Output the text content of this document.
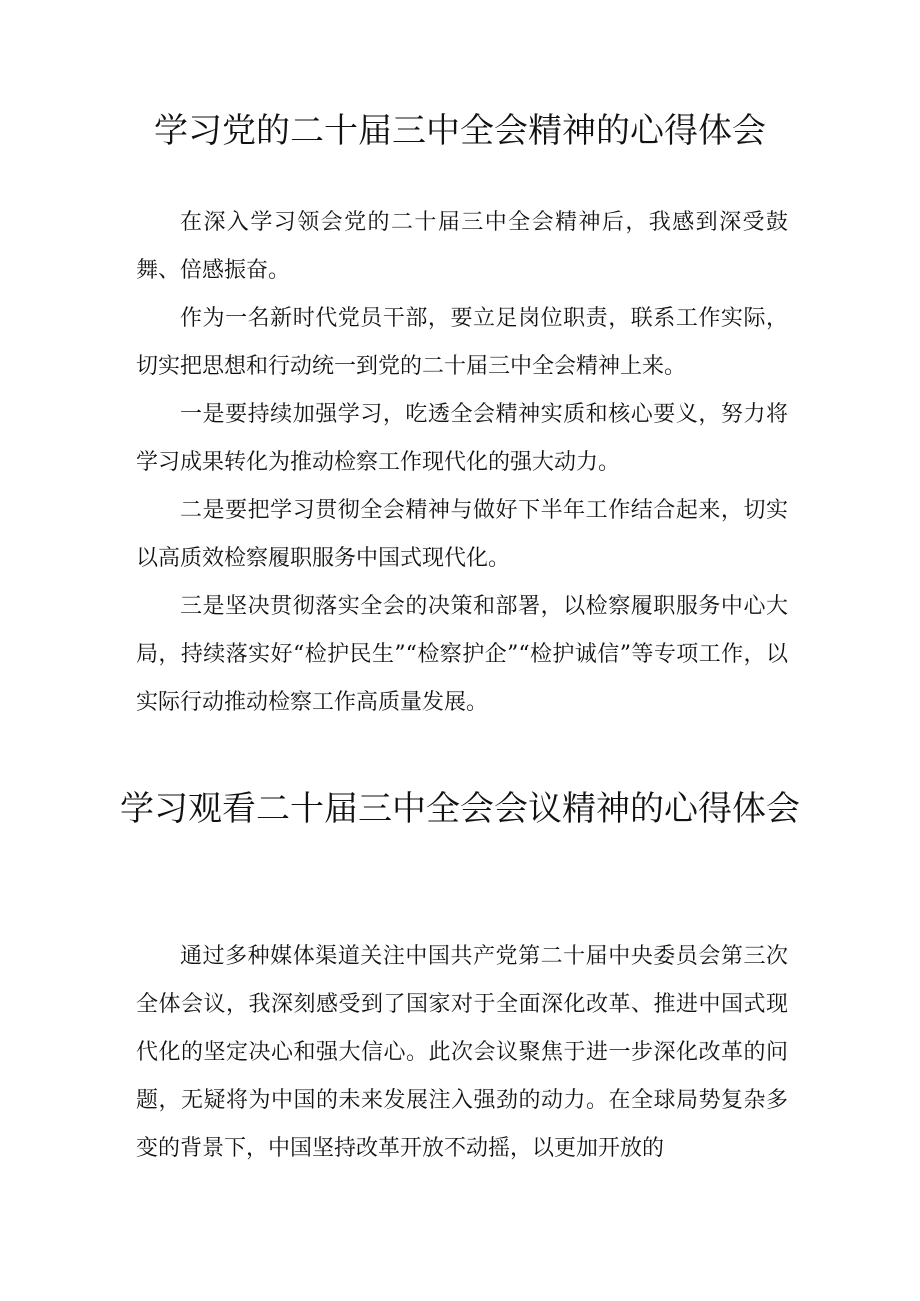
学习党的二十届三中全会精神的心得体会

在深入学习领会党的二十届三中全会精神后，我感到深受鼓舞、倍感振奋。

作为一名新时代党员干部，要立足岗位职责，联系工作实际，切实把思想和行动统一到党的二十届三中全会精神上来。

一是要持续加强学习，吃透全会精神实质和核心要义，努力将学习成果转化为推动检察工作现代化的强大动力。

二是要把学习贯彻全会精神与做好下半年工作结合起来，切实以高质效检察履职服务中国式现代化。

三是坚决贯彻落实全会的决策和部署，以检察履职服务中心大局，持续落实好“检护民生”“检察护企”“检护诚信”等专项工作，以实际行动推动检察工作高质量发展。

学习观看二十届三中全会会议精神的心得体会

通过多种媒体渠道关注中国共产党第二十届中央委员会第三次全体会议，我深刻感受到了国家对于全面深化改革、推进中国式现代化的坚定决心和强大信心。此次会议聚焦于进一步深化改革的问题，无疑将为中国的未来发展注入强劲的动力。在全球局势复杂多变的背景下，中国坚持改革开放不动摇，以更加开放的
